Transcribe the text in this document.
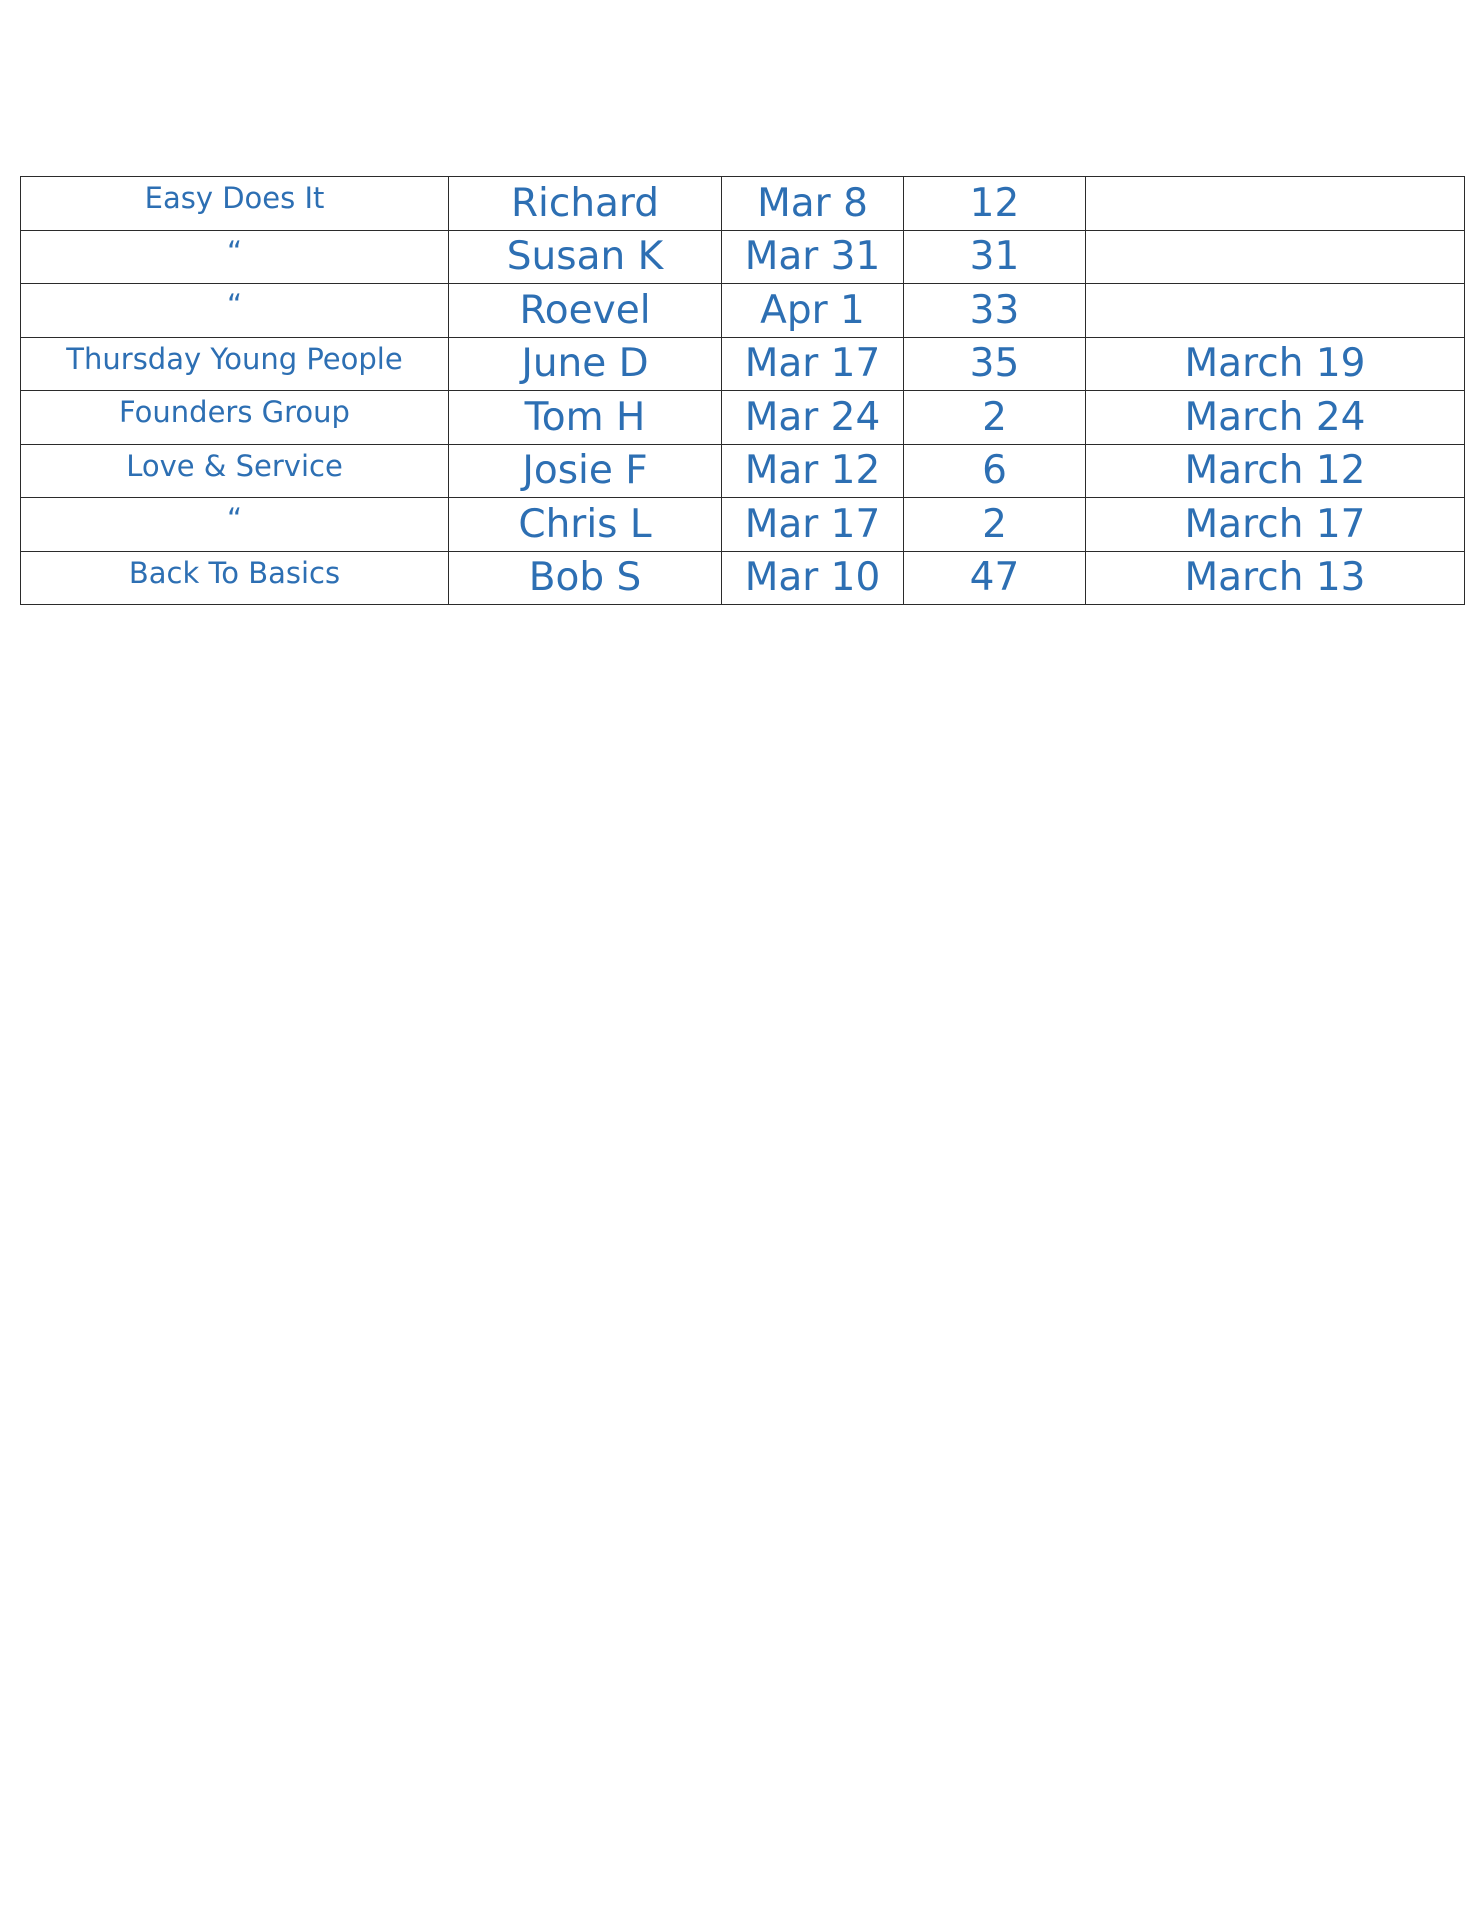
Easy Does It	Richard	Mar 8	12	
“	Susan K	Mar 31	31	
“	Roevel	Apr 1	33	
Thursday Young People	June D	Mar 17	35	March 19
Founders Group	Tom H	Mar 24	2	March 24
Love & Service	Josie F	Mar 12	6	March 12
“	Chris L	Mar 17	2	March 17
Back To Basics	Bob S	Mar 10	47	March 13
